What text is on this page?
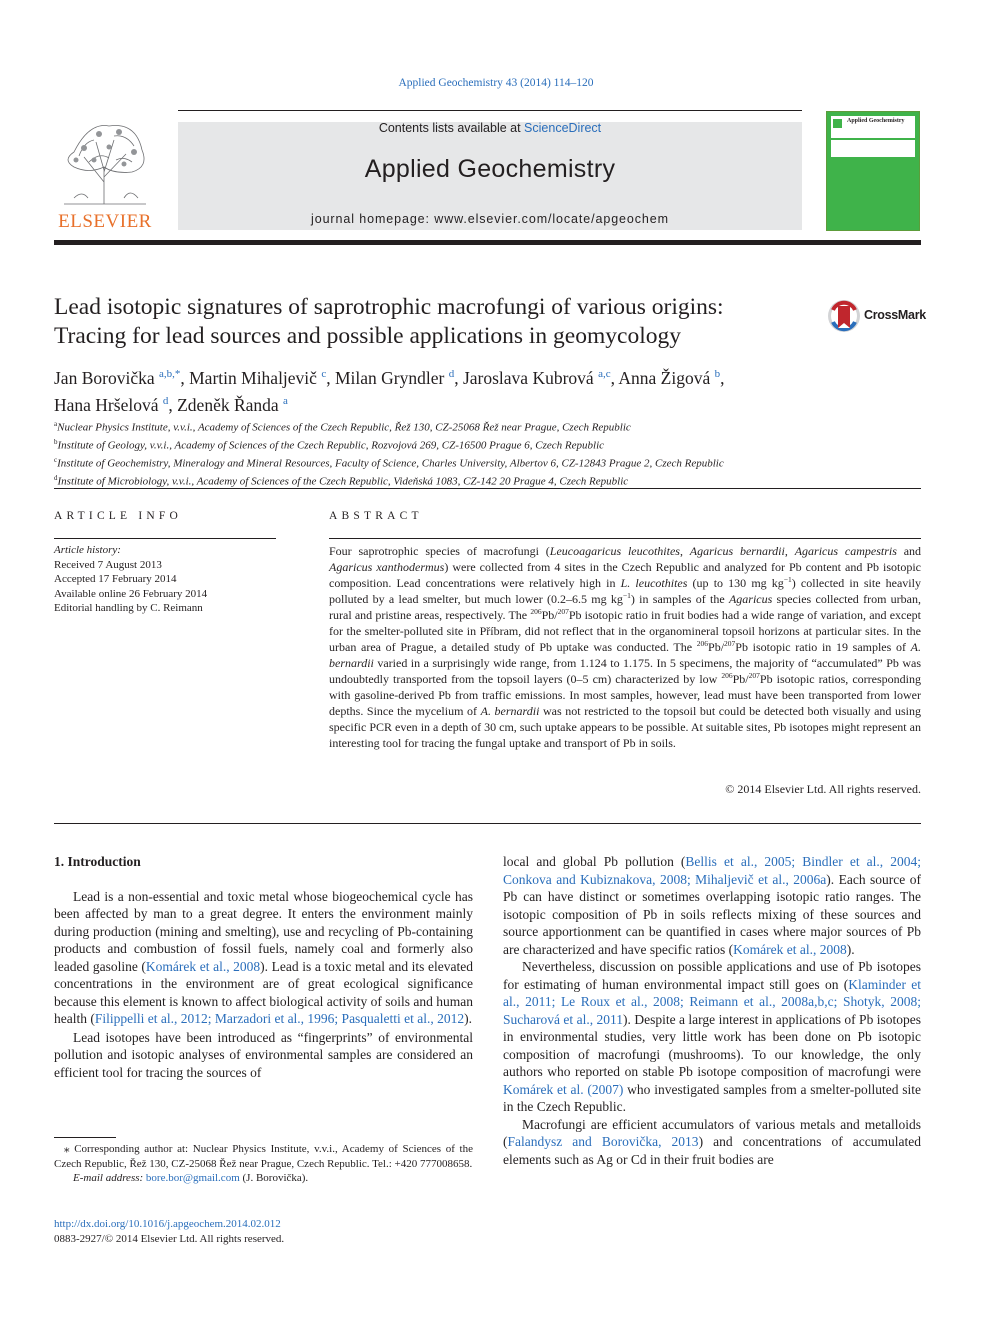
Applied Geochemistry 43 (2014) 114–120
ELSEVIER
Contents lists available at ScienceDirect
Applied Geochemistry
journal homepage: www.elsevier.com/locate/apgeochem
Applied Geochemistry
Lead isotopic signatures of saprotrophic macrofungi of various origins:
Tracing for lead sources and possible applications in geomycology
CrossMark
Jan Borovička $^{a,b,*}$, Martin Mihaljevič $^c$, Milan Gryndler $^d$, Jaroslava Kubrová $^{a,c}$, Anna Žigová $^b$,
Hana Hršelová $^d$, Zdeněk Řanda $^a$
$^a$Nuclear Physics Institute, v.v.i., Academy of Sciences of the Czech Republic, Řež 130, CZ-25068 Řež near Prague, Czech Republic
$^b$Institute of Geology, v.v.i., Academy of Sciences of the Czech Republic, Rozvojová 269, CZ-16500 Prague 6, Czech Republic
$^c$Institute of Geochemistry, Mineralogy and Mineral Resources, Faculty of Science, Charles University, Albertov 6, CZ-12843 Prague 2, Czech Republic
$^d$Institute of Microbiology, v.v.i., Academy of Sciences of the Czech Republic, Videňská 1083, CZ-142 20 Prague 4, Czech Republic
ARTICLE INFO
Article history:
Received 7 August 2013
Accepted 17 February 2014
Available online 26 February 2014
Editorial handling by C. Reimann
ABSTRACT
Four saprotrophic species of macrofungi (Leucoagaricus leucothites, Agaricus bernardii, Agaricus campestris and Agaricus xanthodermus) were collected from 4 sites in the Czech Republic and analyzed for Pb content and Pb isotopic composition. Lead concentrations were relatively high in L. leucothites (up to 130 mg $kg^{-1}$) collected in site heavily polluted by a lead smelter, but much lower (0.2–6.5 mg $kg^{-1}$) in samples of the Agaricus species collected from urban, rural and pristine areas, respectively. The $^{206}$Pb/$^{207}$Pb isotopic ratio in fruit bodies had a wide range of variation, and except for the smelter-polluted site in Příbram, did not reflect that in the organomineral topsoil horizons at particular sites. In the urban area of Prague, a detailed study of Pb uptake was conducted. The $^{206}$Pb/$^{207}$Pb isotopic ratio in 19 samples of A. bernardii varied in a surprisingly wide range, from 1.124 to 1.175. In 5 specimens, the majority of “accumulated” Pb was undoubtedly transported from the topsoil layers (0–5 cm) characterized by low $^{206}$Pb/$^{207}$Pb isotopic ratios, corresponding with gasoline-derived Pb from traffic emissions. In most samples, however, lead must have been transported from lower depths. Since the mycelium of A. bernardii was not restricted to the topsoil but could be detected both visually and using specific PCR even in a depth of 30 cm, such uptake appears to be possible. At suitable sites, Pb isotopes might represent an interesting tool for tracing the fungal uptake and transport of Pb in soils.
© 2014 Elsevier Ltd. All rights reserved.
1. Introduction

Lead is a non-essential and toxic metal whose biogeochemical cycle has been affected by man to a great degree. It enters the environment mainly during production (mining and smelting), use and recycling of Pb-containing products and combustion of fossil fuels, namely coal and formerly also leaded gasoline (Komárek et al., 2008). Lead is a toxic metal and its elevated concentrations in the environment are of great ecological significance because this element is known to affect biological activity of soils and human health (Filippelli et al., 2012; Marzadori et al., 1996; Pasqualetti et al., 2012).

Lead isotopes have been introduced as “fingerprints” of environmental pollution and isotopic analyses of environmental samples are considered an efficient tool for tracing the sources of

⁎ Corresponding author at: Nuclear Physics Institute, v.v.i., Academy of Sciences of the Czech Republic, Řež 130, CZ-25068 Řež near Prague, Czech Republic. Tel.: +420 777008658.
E-mail address: bore.bor@gmail.com (J. Borovička).
http://dx.doi.org/10.1016/j.apgeochem.2014.02.012
0883-2927/© 2014 Elsevier Ltd. All rights reserved.

local and global Pb pollution (Bellis et al., 2005; Bindler et al., 2004; Conkova and Kubiznakova, 2008; Mihaljevič et al., 2006a). Each source of Pb can have distinct or sometimes overlapping isotopic ratio ranges. The isotopic composition of Pb in soils reflects mixing of these sources and source apportionment can be quantified in cases where major sources of Pb are characterized and have specific ratios (Komárek et al., 2008).

Nevertheless, discussion on possible applications and use of Pb isotopes for estimating of human environmental impact still goes on (Klaminder et al., 2011; Le Roux et al., 2008; Reimann et al., 2008a,b,c; Shotyk, 2008; Sucharová et al., 2011). Despite a large interest in applications of Pb isotopes in environmental studies, very little work has been done on Pb isotopic composition of macrofungi (mushrooms). To our knowledge, the only authors who reported on stable Pb isotope composition of macrofungi were Komárek et al. (2007) who investigated samples from a smelter-polluted site in the Czech Republic.

Macrofungi are efficient accumulators of various metals and metalloids (Falandysz and Borovička, 2013) and concentrations of accumulated elements such as Ag or Cd in their fruit bodies are
